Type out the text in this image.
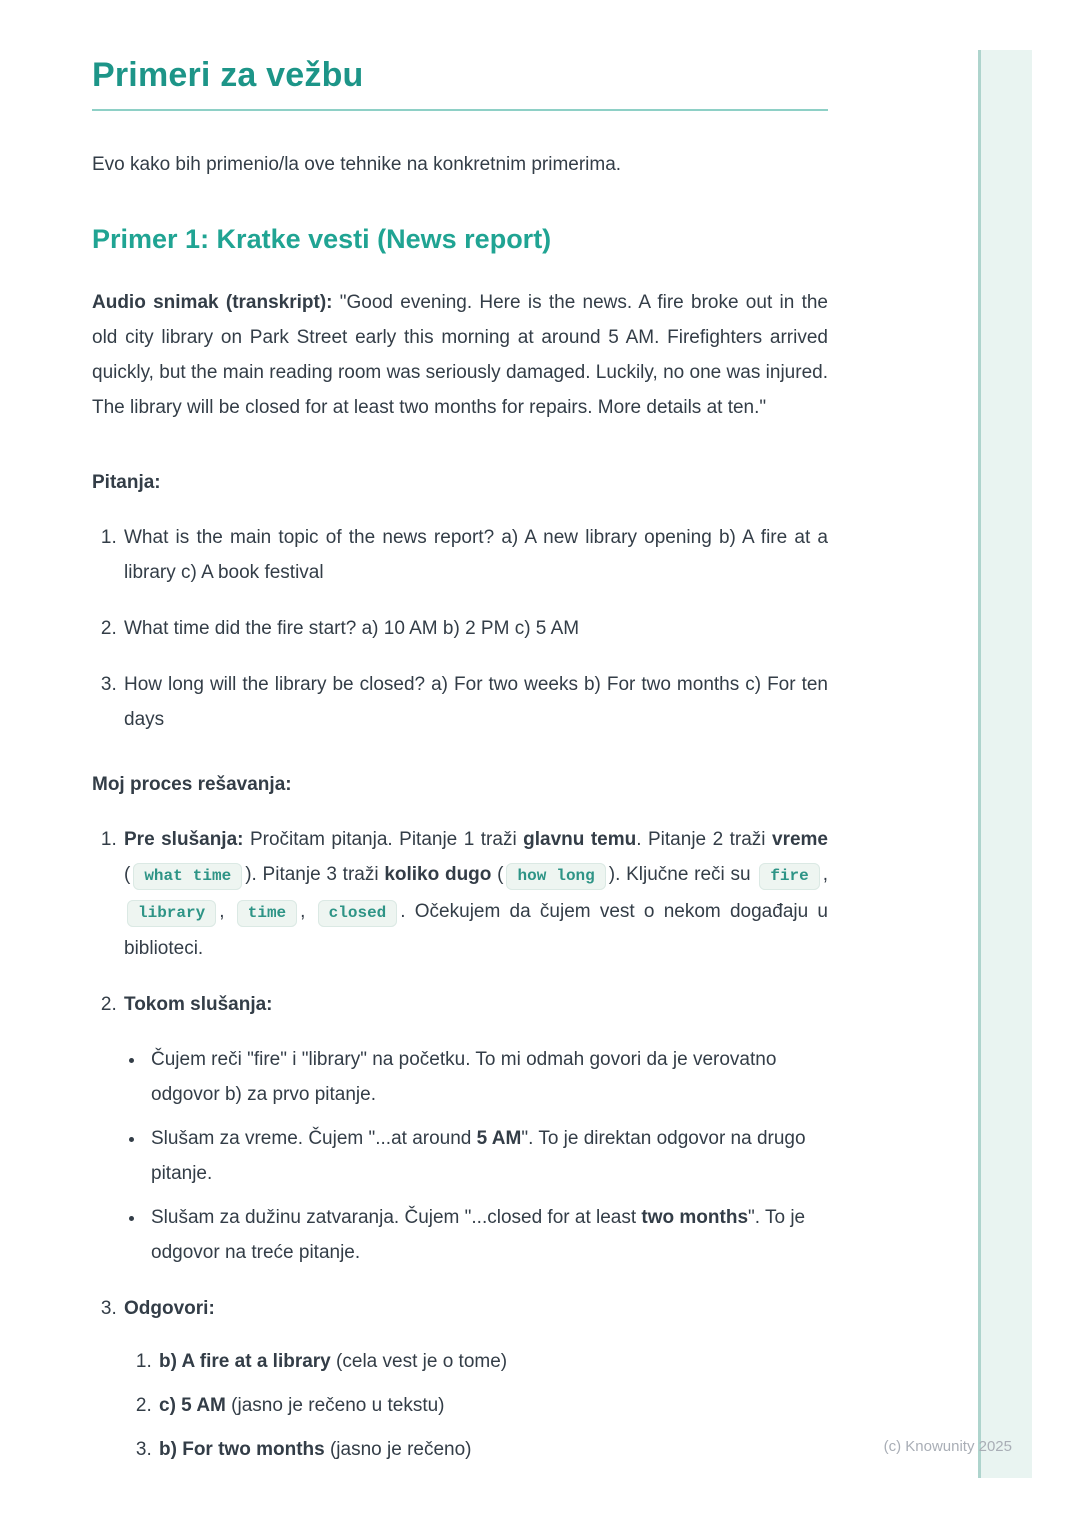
Primeri za vežbu

Evo kako bih primenio/la ove tehnike na konkretnim primerima.

Primer 1: Kratke vesti (News report)

Audio snimak (transkript): "Good evening. Here is the news. A fire broke out in the old city library on Park Street early this morning at around 5 AM. Firefighters arrived quickly, but the main reading room was seriously damaged. Luckily, no one was injured. The library will be closed for at least two months for repairs. More details at ten."

Pitanja:

1. What is the main topic of the news report? a) A new library opening b) A fire at a library c) A book festival
2. What time did the fire start? a) 10 AM b) 2 PM c) 5 AM
3. How long will the library be closed? a) For two weeks b) For two months c) For ten days

Moj proces rešavanja:

1. Pre slušanja: Pročitam pitanja. Pitanje 1 traži glavnu temu. Pitanje 2 traži vreme ( what time ). Pitanje 3 traži koliko dugo ( how long ). Ključne reči su fire , library , time , closed . Očekujem da čujem vest o nekom događaju u biblioteci.
2. Tokom slušanja:
• Čujem reči "fire" i "library" na početku. To mi odmah govori da je verovatno odgovor b) za prvo pitanje.
• Slušam za vreme. Čujem "...at around 5 AM". To je direktan odgovor na drugo pitanje.
• Slušam za dužinu zatvaranja. Čujem "...closed for at least two months". To je odgovor na treće pitanje.
3. Odgovori:
1. b) A fire at a library (cela vest je o tome)
2. c) 5 AM (jasno je rečeno u tekstu)
3. b) For two months (jasno je rečeno)	(c) Knowunity 2025
